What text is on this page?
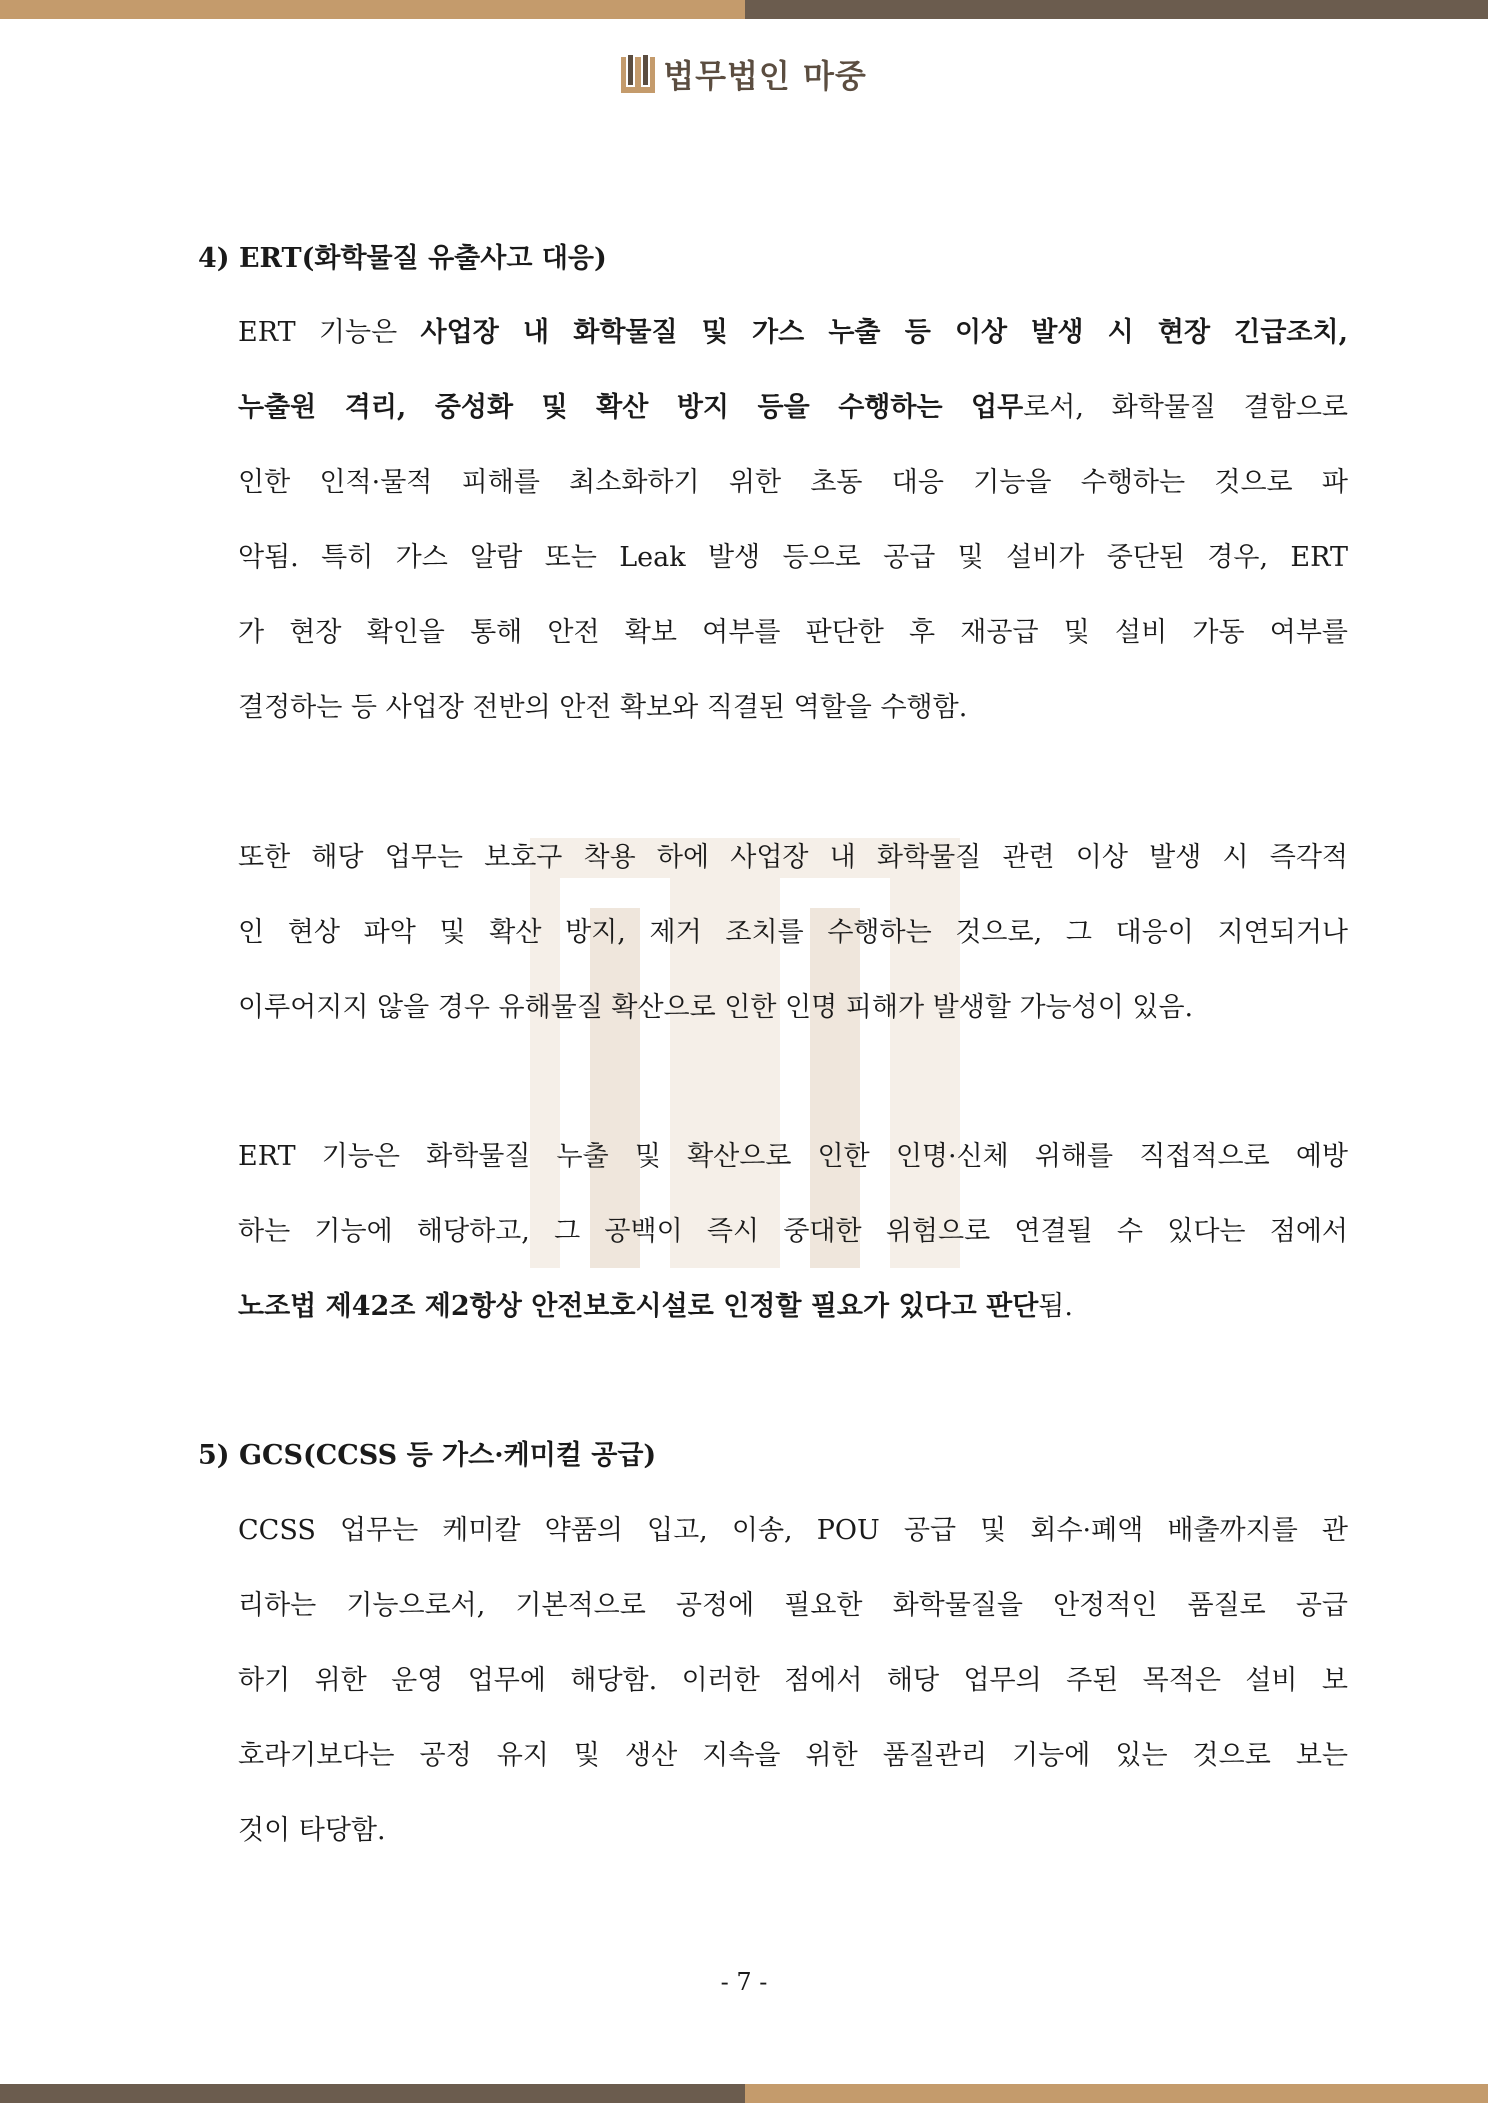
법무법인 마중
4) ERT(화학물질 유출사고 대응)
ERT 기능은 사업장 내 화학물질 및 가스 누출 등 이상 발생 시 현장 긴급조치,
누출원 격리, 중성화 및 확산 방지 등을 수행하는 업무로서, 화학물질 결함으로
인한 인적·물적 피해를 최소화하기 위한 초동 대응 기능을 수행하는 것으로 파
악됨. 특히 가스 알람 또는 Leak 발생 등으로 공급 및 설비가 중단된 경우, ERT
가 현장 확인을 통해 안전 확보 여부를 판단한 후 재공급 및 설비 가동 여부를
결정하는 등 사업장 전반의 안전 확보와 직결된 역할을 수행함.
또한 해당 업무는 보호구 착용 하에 사업장 내 화학물질 관련 이상 발생 시 즉각적
인 현상 파악 및 확산 방지, 제거 조치를 수행하는 것으로, 그 대응이 지연되거나
이루어지지 않을 경우 유해물질 확산으로 인한 인명 피해가 발생할 가능성이 있음.
ERT 기능은 화학물질 누출 및 확산으로 인한 인명·신체 위해를 직접적으로 예방
하는 기능에 해당하고, 그 공백이 즉시 중대한 위험으로 연결될 수 있다는 점에서
노조법 제42조 제2항상 안전보호시설로 인정할 필요가 있다고 판단됨.
5) GCS(CCSS 등 가스·케미컬 공급)
CCSS 업무는 케미칼 약품의 입고, 이송, POU 공급 및 회수·폐액 배출까지를 관
리하는 기능으로서, 기본적으로 공정에 필요한 화학물질을 안정적인 품질로 공급
하기 위한 운영 업무에 해당함. 이러한 점에서 해당 업무의 주된 목적은 설비 보
호라기보다는 공정 유지 및 생산 지속을 위한 품질관리 기능에 있는 것으로 보는
것이 타당함.
- 7 -
